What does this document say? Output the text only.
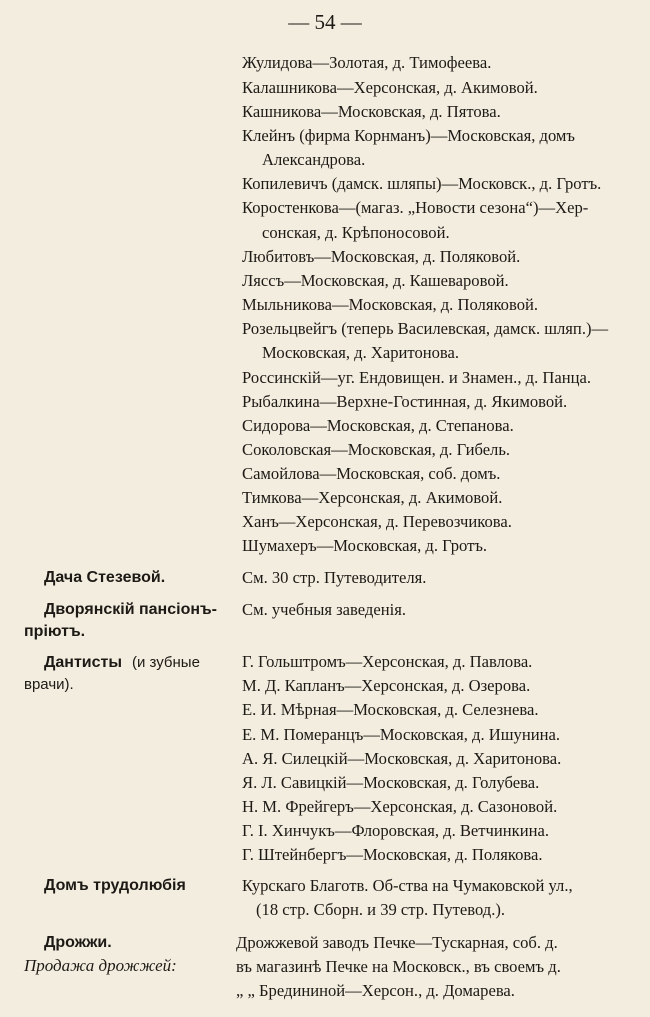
— 54 —
Жулидова—Золотая, д. Тимофеева.
Калашникова—Херсонская, д. Акимовой.
Кашникова—Московская, д. Пятова.
Клейнъ (фирма Корнманъ)—Московская, домъ
Александрова.
Копилевичъ (дамск. шляпы)—Московск., д. Гротъ.
Коростенкова—(магаз. „Новости сезона“)—Хер-
сонская, д. Крѣпоносовой.
Любитовъ—Московская, д. Поляковой.
Ляссъ—Московская, д. Кашеваровой.
Мыльникова—Московская, д. Поляковой.
Розельцвейгъ (теперь Василевская, дамск. шляп.)—
Московская, д. Харитонова.
Россинскій—уг. Ендовищен. и Знамен., д. Панца.
Рыбалкина—Верхне-Гостинная, д. Якимовой.
Сидорова—Московская, д. Степанова.
Соколовская—Московская, д. Гибель.
Самойлова—Московская, соб. домъ.
Тимкова—Херсонская, д. Акимовой.
Ханъ—Херсонская, д. Перевозчикова.
Шумахеръ—Московская, д. Гротъ.
Дача Стезевой.	См. 30 стр. Путеводителя.
Дворянскій пансіонъ-
пріютъ.
См. учебныя заведенія.
Дантисты (и зубные
врачи).
Г. Гольштромъ—Херсонская, д. Павлова.
М. Д. Капланъ—Херсонская, д. Озерова.
Е. И. Мѣрная—Московская, д. Селезнева.
Е. М. Померанцъ—Московская, д. Ишунина.
А. Я. Силецкій—Московская, д. Харитонова.
Я. Л. Савицкій—Московская, д. Голубева.
Н. М. Фрейгеръ—Херсонская, д. Сазоновой.
Г. І. Хинчукъ—Флоровская, д. Ветчинкина.
Г. Штейнбергъ—Московская, д. Полякова.
Домъ трудолюбія	Курскаго Благотв. Об-ства на Чумаковской ул.,
(18 стр. Сборн. и 39 стр. Путевод.).
Дрожжи.
Продажа дрожжей:
Дрожжевой заводъ Печке—Тускарная, соб. д.
въ магазинѣ Печке на Московск., въ своемъ д.
„ „ Бредининой—Херсон., д. Домарева.
